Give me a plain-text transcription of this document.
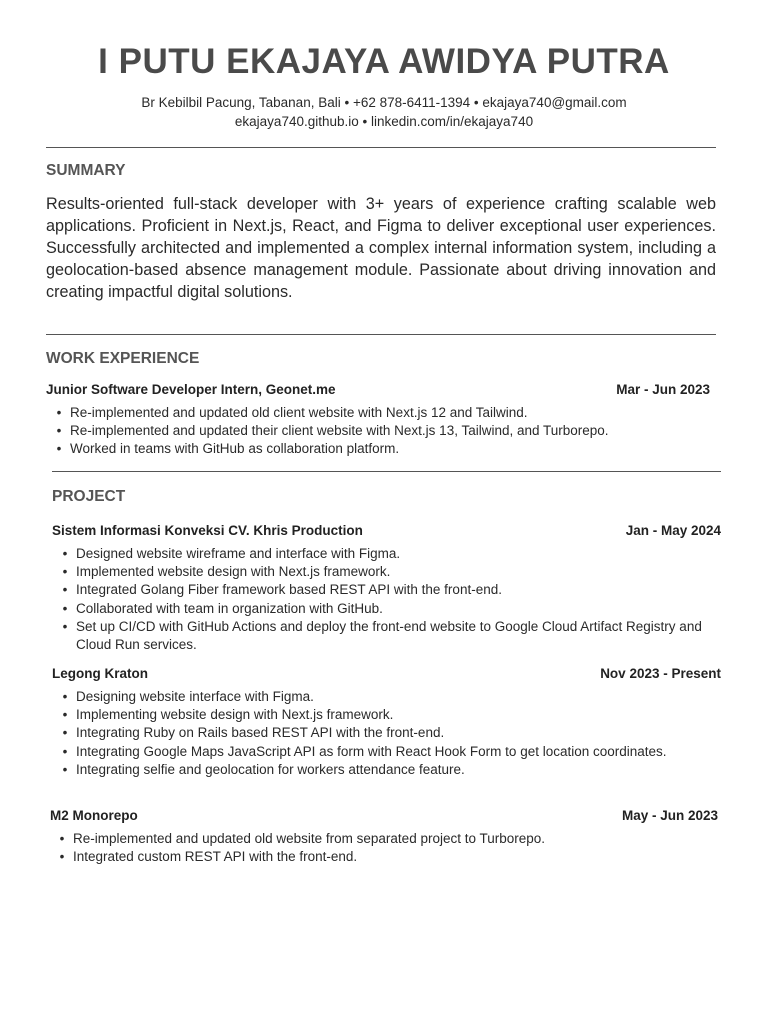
I PUTU EKAJAYA AWIDYA PUTRA
Br Kebilbil Pacung, Tabanan, Bali • +62 878-6411-1394 • ekajaya740@gmail.com
ekajaya740.github.io • linkedin.com/in/ekajaya740
SUMMARY
Results-oriented full-stack developer with 3+ years of experience crafting scalable web applications. Proficient in Next.js, React, and Figma to deliver exceptional user experiences. Successfully architected and implemented a complex internal information system, including a geolocation-based absence management module. Passionate about driving innovation and creating impactful digital solutions.
WORK EXPERIENCE
Junior Software Developer Intern, Geonet.me	Mar - Jun 2023
• Re-implemented and updated old client website with Next.js 12 and Tailwind.
• Re-implemented and updated their client website with Next.js 13, Tailwind, and Turborepo.
• Worked in teams with GitHub as collaboration platform.
PROJECT
Sistem Informasi Konveksi CV. Khris Production	Jan - May 2024
• Designed website wireframe and interface with Figma.
• Implemented website design with Next.js framework.
• Integrated Golang Fiber framework based REST API with the front-end.
• Collaborated with team in organization with GitHub.
• Set up CI/CD with GitHub Actions and deploy the front-end website to Google Cloud Artifact Registry and Cloud Run services.
Legong Kraton	Nov 2023 - Present
• Designing website interface with Figma.
• Implementing website design with Next.js framework.
• Integrating Ruby on Rails based REST API with the front-end.
• Integrating Google Maps JavaScript API as form with React Hook Form to get location coordinates.
• Integrating selfie and geolocation for workers attendance feature.
M2 Monorepo	May - Jun 2023
• Re-implemented and updated old website from separated project to Turborepo.
• Integrated custom REST API with the front-end.
